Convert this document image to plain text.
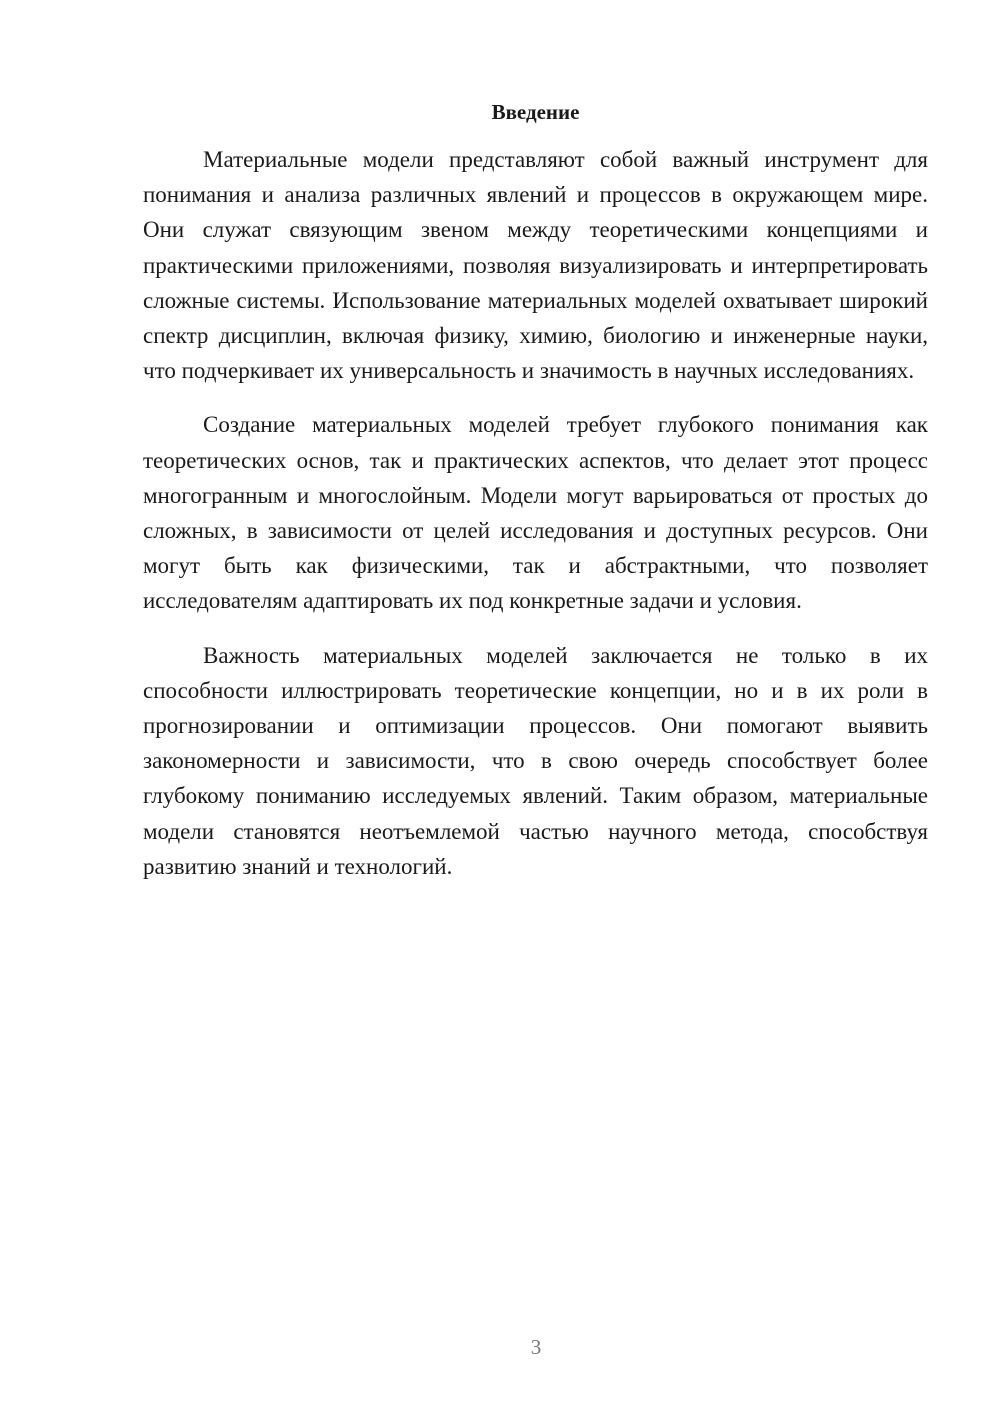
Введение

Материальные модели представляют собой важный инструмент для понимания и анализа различных явлений и процессов в окружающем мире. Они служат связующим звеном между теоретическими концепциями и практическими приложениями, позволяя визуализировать и интерпретировать сложные системы. Использование материальных моделей охватывает широкий спектр дисциплин, включая физику, химию, биологию и инженерные науки, что подчеркивает их универсальность и значимость в научных исследованиях.

Создание материальных моделей требует глубокого понимания как теоретических основ, так и практических аспектов, что делает этот процесс многогранным и многослойным. Модели могут варьироваться от простых до сложных, в зависимости от целей исследования и доступных ресурсов. Они могут быть как физическими, так и абстрактными, что позволяет исследователям адаптировать их под конкретные задачи и условия.

Важность материальных моделей заключается не только в их способности иллюстрировать теоретические концепции, но и в их роли в прогнозировании и оптимизации процессов. Они помогают выявить закономерности и зависимости, что в свою очередь способствует более глубокому пониманию исследуемых явлений. Таким образом, материальные модели становятся неотъемлемой частью научного метода, способствуя развитию знаний и технологий.

3
